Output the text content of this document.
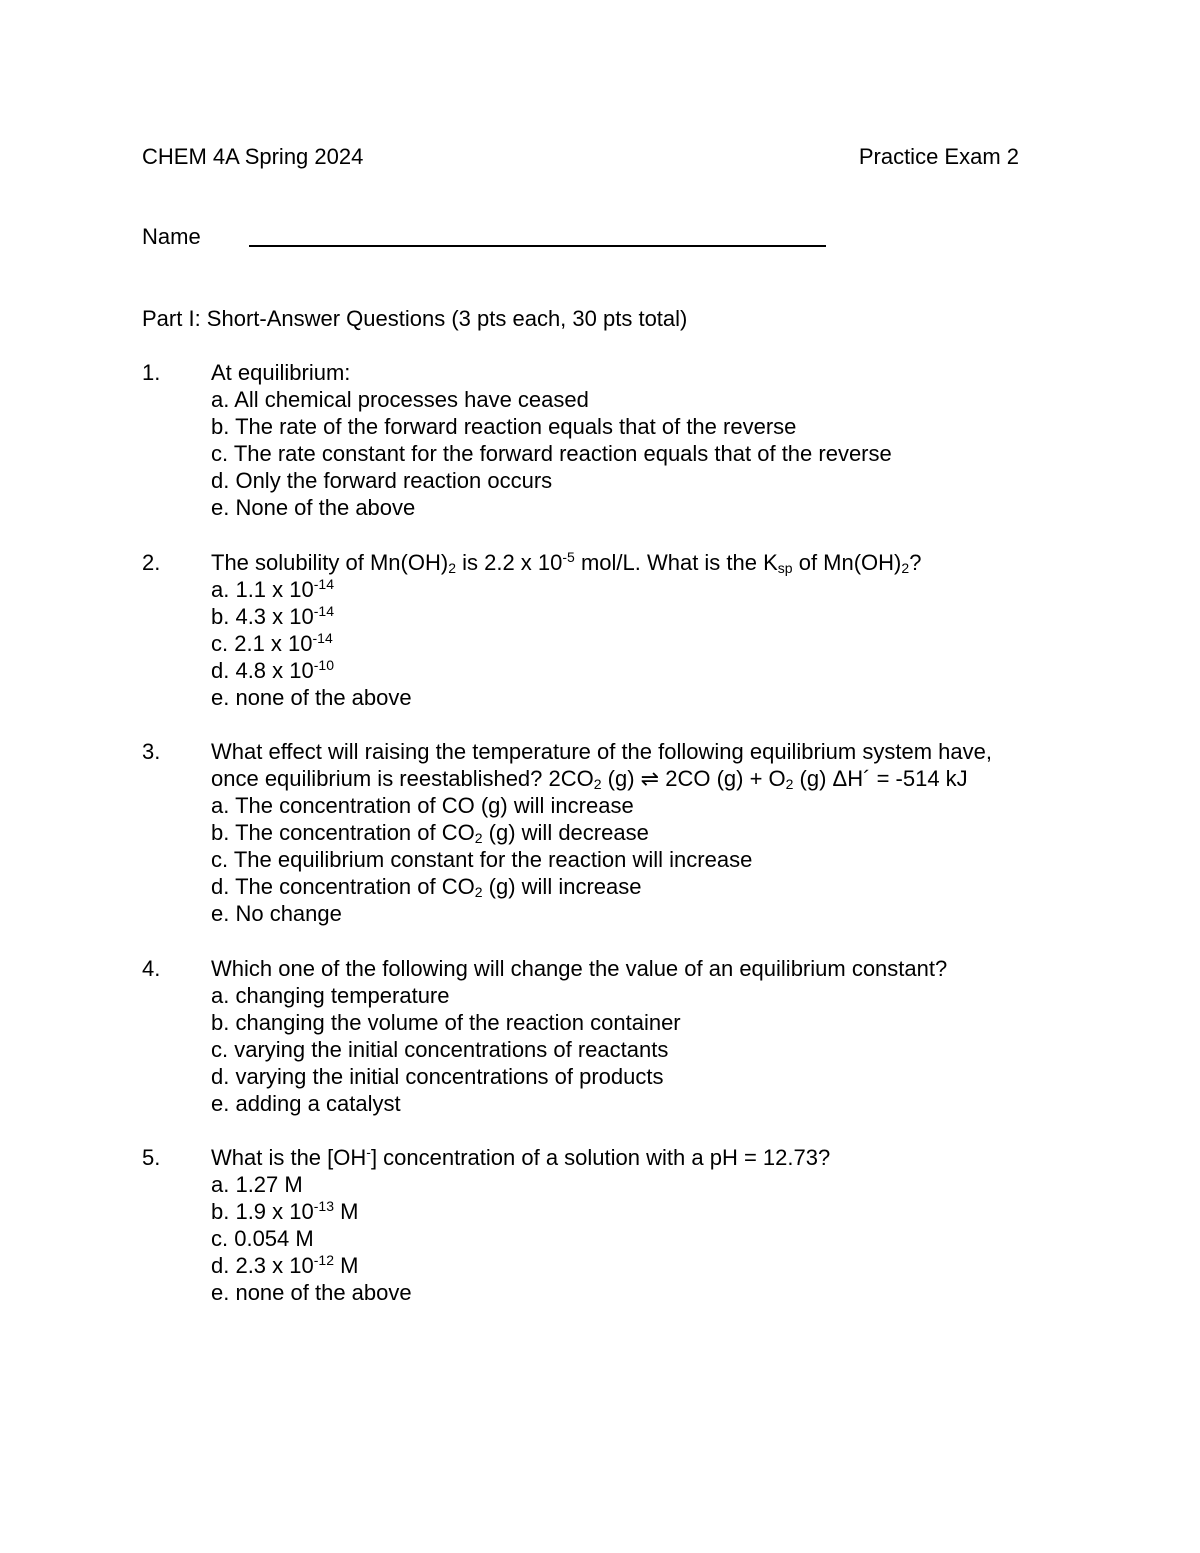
CHEM 4A Spring 2024	Practice Exam 2
Name
Part I: Short-Answer Questions (3 pts each, 30 pts total)
1. At equilibrium:
a. All chemical processes have ceased
b. The rate of the forward reaction equals that of the reverse
c. The rate constant for the forward reaction equals that of the reverse
d. Only the forward reaction occurs
e. None of the above
2. The solubility of $Mn(OH)_2$ is 2.2 x $10^{-5}$ mol/L. What is the $K_{sp}$ of $Mn(OH)_2$?
a. 1.1 x $10^{-14}$
b. 4.3 x $10^{-14}$
c. 2.1 x $10^{-14}$
d. 4.8 x $10^{-10}$
e. none of the above
3. What effect will raising the temperature of the following equilibrium system have,
once equilibrium is reestablished? $2CO_2$ (g) ⇌ 2CO $(g) + O_2$ (g) ΔH´ = -514 kJ
a. The concentration of CO (g) will increase
b. The concentration of $CO_2$ (g) will decrease
c. The equilibrium constant for the reaction will increase
d. The concentration of $CO_2$ (g) will increase
e. No change
4. Which one of the following will change the value of an equilibrium constant?
a. changing temperature
b. changing the volume of the reaction container
c. varying the initial concentrations of reactants
d. varying the initial concentrations of products
e. adding a catalyst
5. What is the [OH-] concentration of a solution with a pH = 12.73?
a. 1.27 M
b. 1.9 x $10^{-13}$ M
c. 0.054 M
d. 2.3 x $10^{-12}$ M
e. none of the above
